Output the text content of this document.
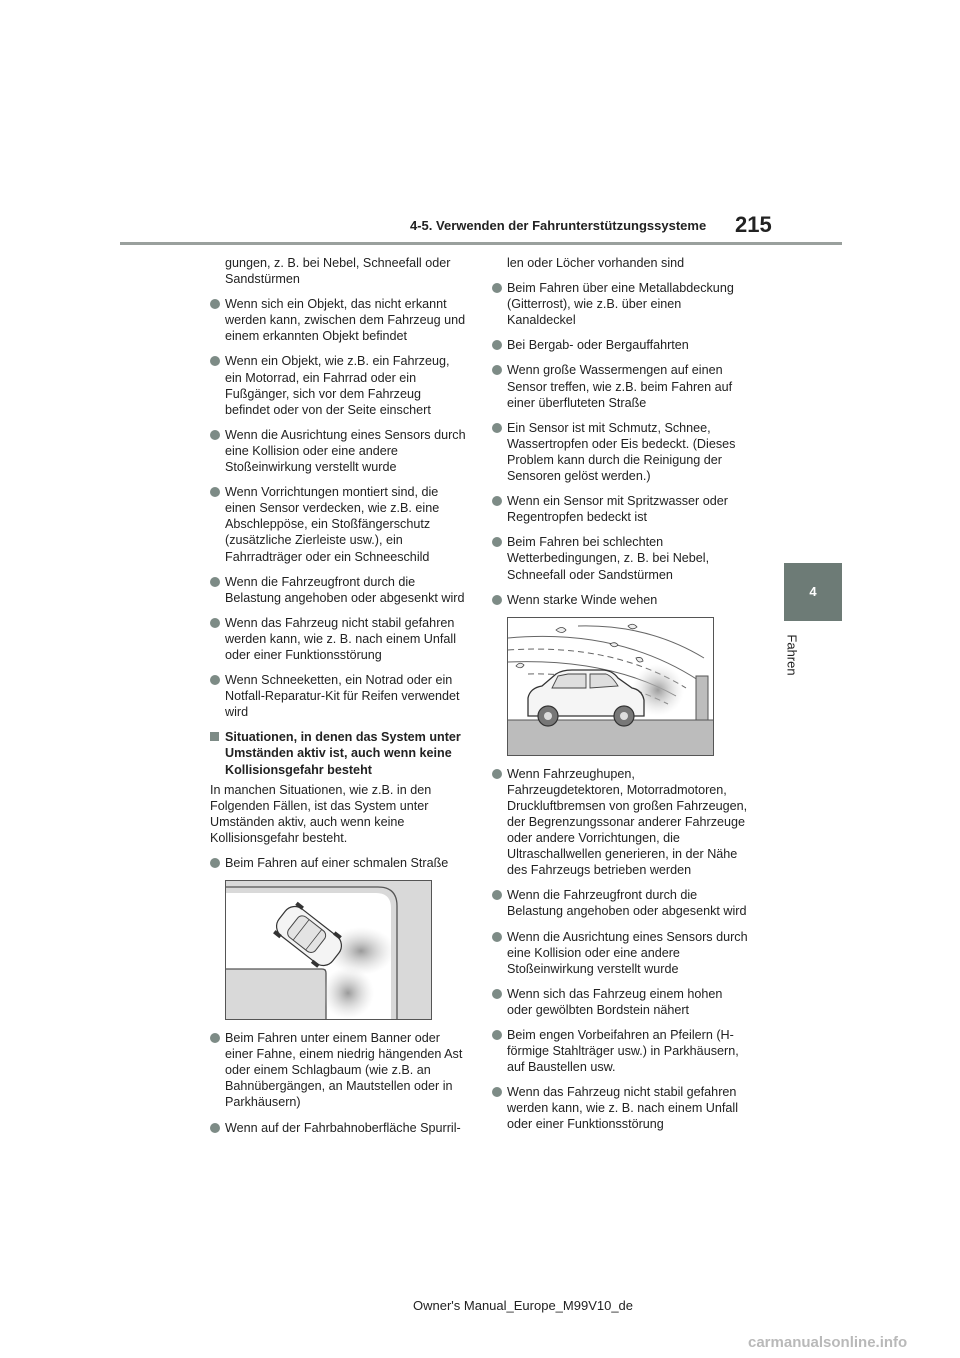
4-5. Verwenden der Fahrunterstützungssysteme 215
4
Fahren

gungen, z. B. bei Nebel, Schneefall oder Sandstürmen

Wenn sich ein Objekt, das nicht erkannt werden kann, zwischen dem Fahrzeug und einem erkannten Objekt befindet
Wenn ein Objekt, wie z.B. ein Fahrzeug, ein Motorrad, ein Fahrrad oder ein Fußgänger, sich vor dem Fahrzeug befindet oder von der Seite einschert
Wenn die Ausrichtung eines Sensors durch eine Kollision oder eine andere Stoßeinwirkung verstellt wurde
Wenn Vorrichtungen montiert sind, die einen Sensor verdecken, wie z.B. eine Abschleppöse, ein Stoßfängerschutz (zusätzliche Zierleiste usw.), ein Fahrradträger oder ein Schneeschild
Wenn die Fahrzeugfront durch die Belastung angehoben oder abgesenkt wird
Wenn das Fahrzeug nicht stabil gefahren werden kann, wie z. B. nach einem Unfall oder einer Funktionsstörung
Wenn Schneeketten, ein Notrad oder ein Notfall-Reparatur-Kit für Reifen verwendet wird
Situationen, in denen das System unter Umständen aktiv ist, auch wenn keine Kollisionsgefahr besteht

In manchen Situationen, wie z.B. in den Folgenden Fällen, ist das System unter Umständen aktiv, auch wenn keine Kollisionsgefahr besteht.

Beim Fahren auf einer schmalen Straße
Beim Fahren unter einem Banner oder einer Fahne, einem niedrig hängenden Ast oder einem Schlagbaum (wie z.B. an Bahnübergängen, an Mautstellen oder in Parkhäusern)
Wenn auf der Fahrbahnoberfläche Spurril-

len oder Löcher vorhanden sind

Beim Fahren über eine Metallabdeckung (Gitterrost), wie z.B. über einen Kanaldeckel
Bei Bergab- oder Bergauffahrten
Wenn große Wassermengen auf einen Sensor treffen, wie z.B. beim Fahren auf einer überfluteten Straße
Ein Sensor ist mit Schmutz, Schnee, Wassertropfen oder Eis bedeckt. (Dieses Problem kann durch die Reinigung der Sensoren gelöst werden.)
Wenn ein Sensor mit Spritzwasser oder Regentropfen bedeckt ist
Beim Fahren bei schlechten Wetterbedingungen, z. B. bei Nebel, Schneefall oder Sandstürmen
Wenn starke Winde wehen
Wenn Fahrzeughupen, Fahrzeugdetektoren, Motorradmotoren, Druckluftbremsen von großen Fahrzeugen, der Begrenzungssonar anderer Fahrzeuge oder andere Vorrichtungen, die Ultraschallwellen generieren, in der Nähe des Fahrzeugs betrieben werden
Wenn die Fahrzeugfront durch die Belastung angehoben oder abgesenkt wird
Wenn die Ausrichtung eines Sensors durch eine Kollision oder eine andere Stoßeinwirkung verstellt wurde
Wenn sich das Fahrzeug einem hohen oder gewölbten Bordstein nähert
Beim engen Vorbeifahren an Pfeilern (H-förmige Stahlträger usw.) in Parkhäusern, auf Baustellen usw.
Wenn das Fahrzeug nicht stabil gefahren werden kann, wie z. B. nach einem Unfall oder einer Funktionsstörung
Owner's Manual_Europe_M99V10_de
carmanualsonline.info
